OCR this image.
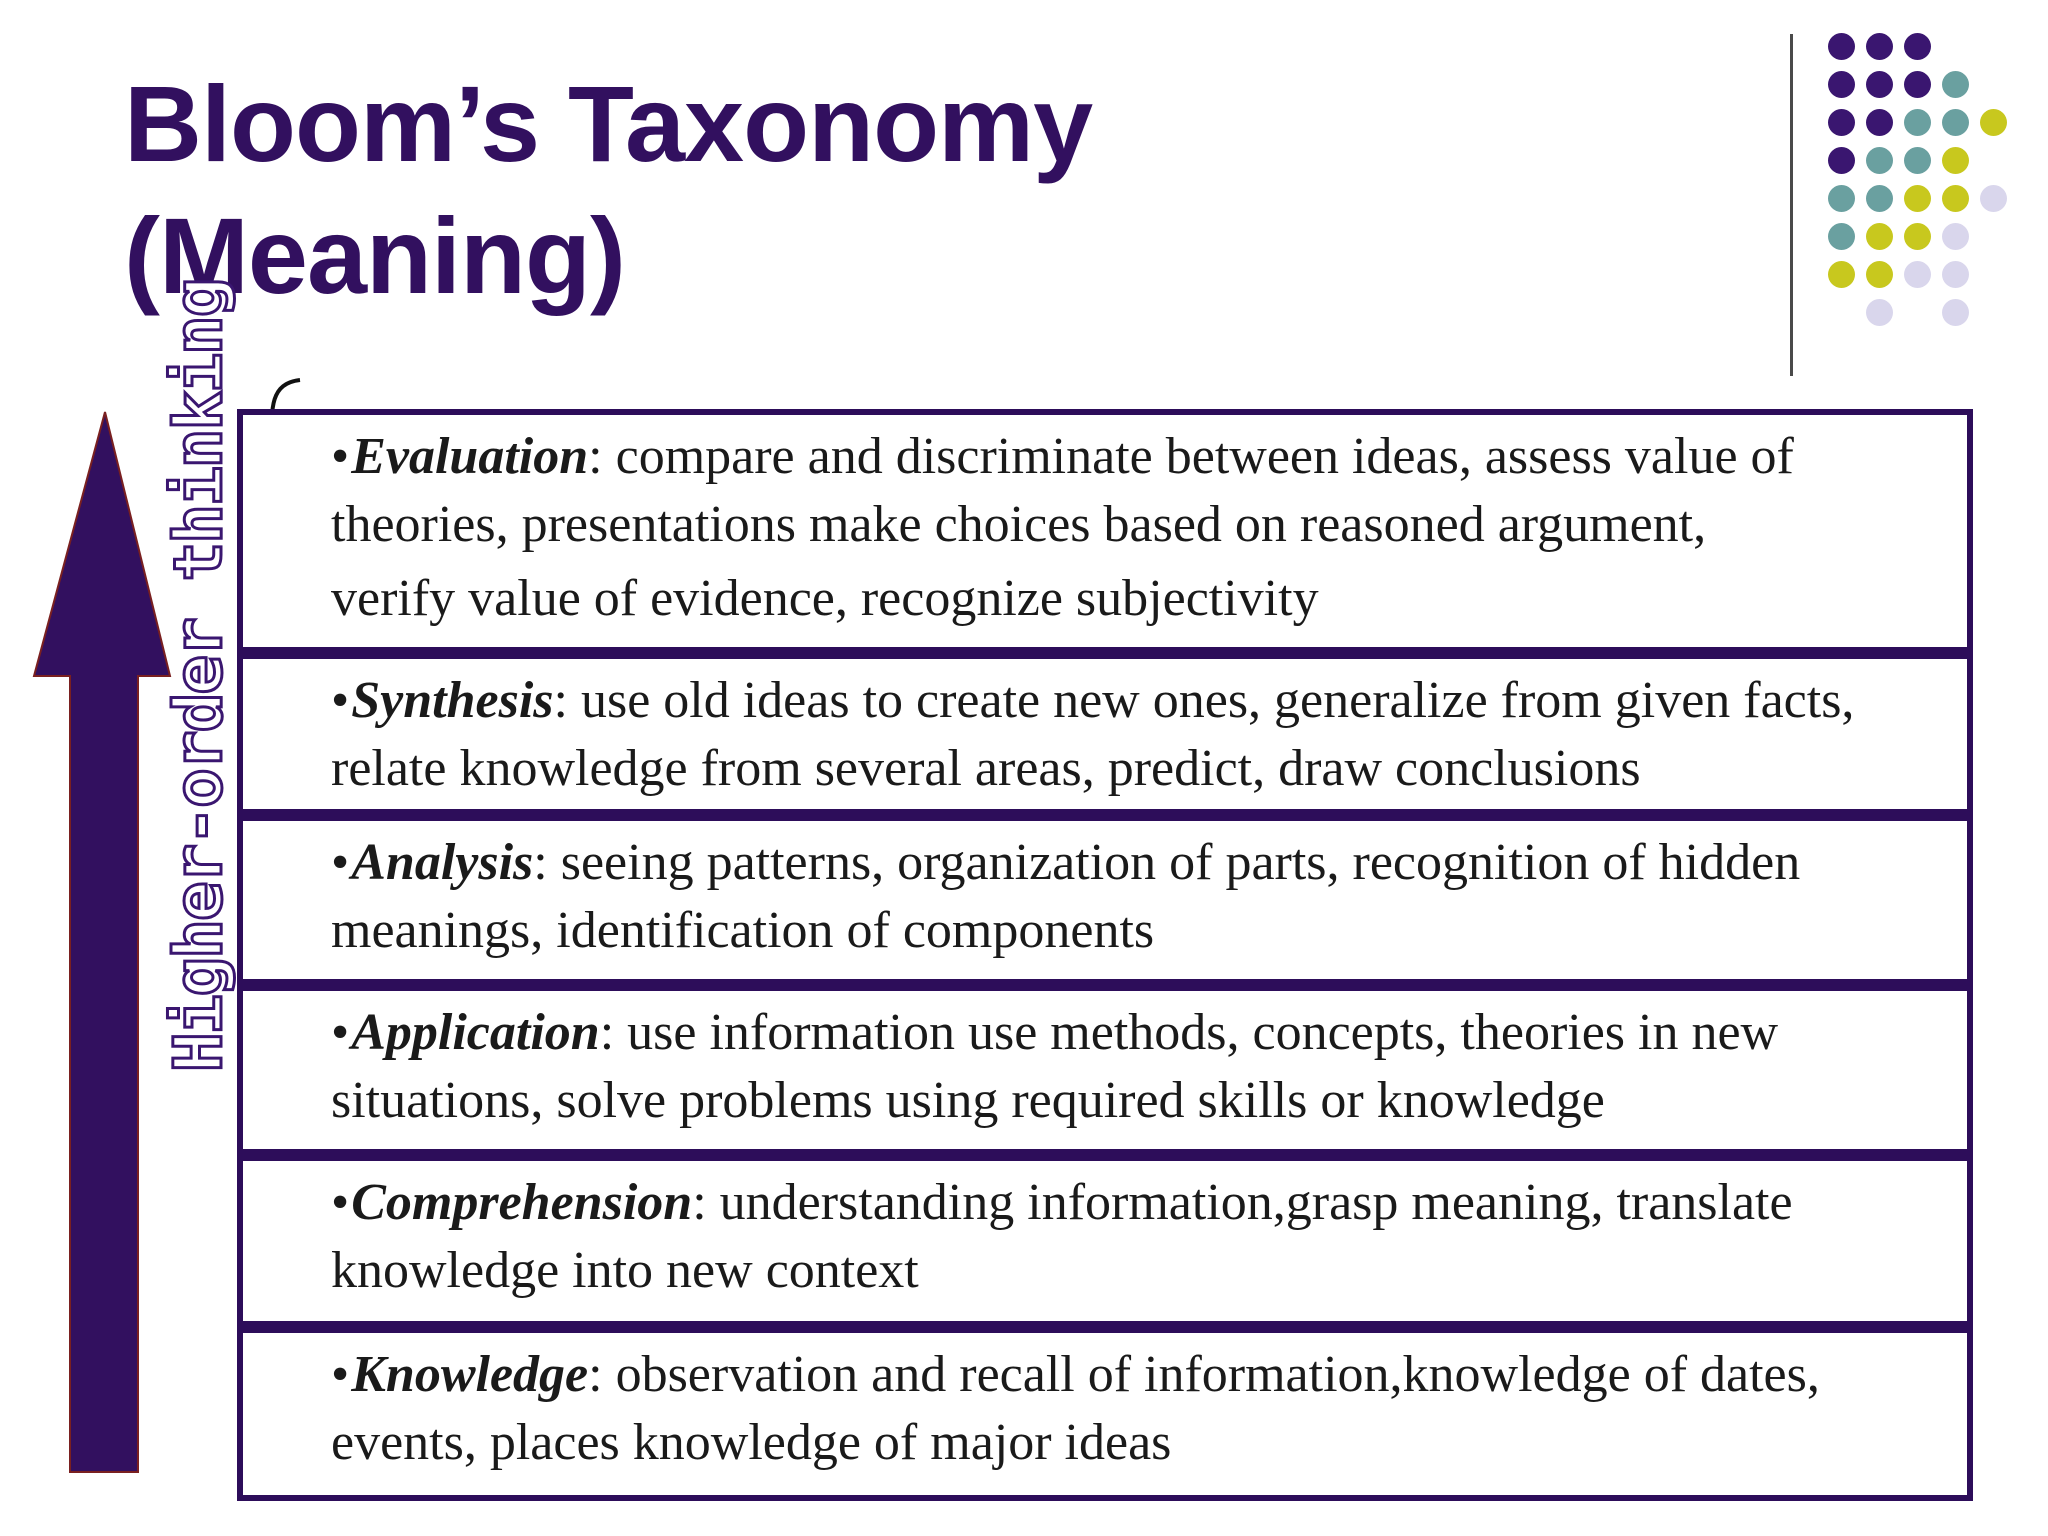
Bloom’s Taxonomy
(Meaning)
Higher-order thinking	•Evaluation: compare and discriminate between ideas, assess value of theories, presentations make choices based on reasoned argument,
verify value of evidence, recognize subjectivity
•Synthesis: use old ideas to create new ones, generalize from given facts, relate knowledge from several areas, predict, draw conclusions
•Analysis: seeing patterns, organization of parts, recognition of hidden meanings, identification of components
•Application: use information use methods, concepts, theories in new situations, solve problems using required skills or knowledge
•Comprehension: understanding information,grasp meaning, translate knowledge into new context
•Knowledge: observation and recall of information,knowledge of dates, events, places knowledge of major ideas
